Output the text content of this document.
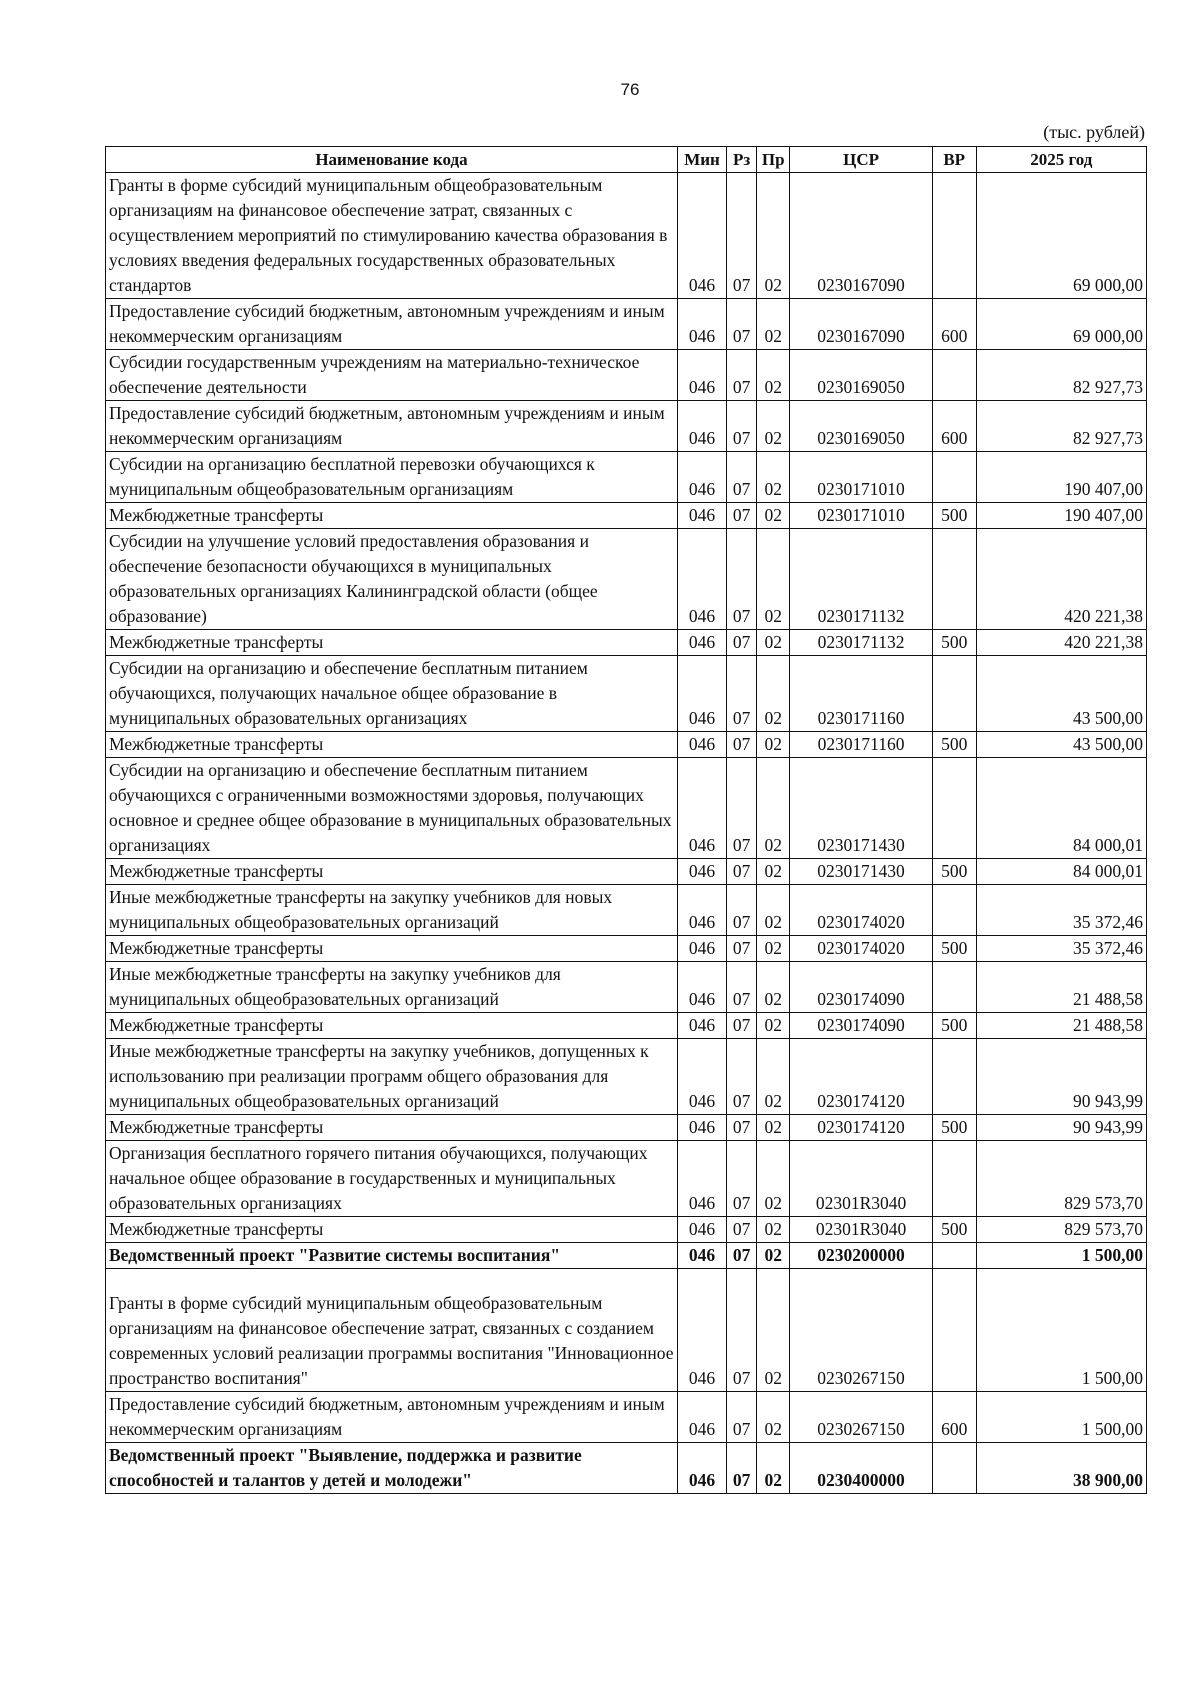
76
(тыс. рублей)
Наименование кода	Мин	Рз	Пр	ЦСР	ВР	2025 год
Гранты в форме субсидий муниципальным общеобразовательным организациям на финансовое обеспечение затрат, связанных с осуществлением мероприятий по стимулированию качества образования в условиях введения федеральных государственных образовательных стандартов	046	07	02	0230167090		69 000,00
Предоставление субсидий бюджетным, автономным учреждениям и иным некоммерческим организациям	046	07	02	0230167090	600	69 000,00
Субсидии государственным учреждениям на материально-техническое обеспечение деятельности	046	07	02	0230169050		82 927,73
Предоставление субсидий бюджетным, автономным учреждениям и иным некоммерческим организациям	046	07	02	0230169050	600	82 927,73
Субсидии на организацию бесплатной перевозки обучающихся к муниципальным общеобразовательным организациям	046	07	02	0230171010		190 407,00
Межбюджетные трансферты	046	07	02	0230171010	500	190 407,00
Субсидии на улучшение условий предоставления образования и обеспечение безопасности обучающихся в муниципальных образовательных организациях Калининградской области (общее образование)	046	07	02	0230171132		420 221,38
Межбюджетные трансферты	046	07	02	0230171132	500	420 221,38
Субсидии на организацию и обеспечение бесплатным питанием обучающихся, получающих начальное общее образование в муниципальных образовательных организациях	046	07	02	0230171160		43 500,00
Межбюджетные трансферты	046	07	02	0230171160	500	43 500,00
Субсидии на организацию и обеспечение бесплатным питанием обучающихся с ограниченными возможностями здоровья, получающих основное и среднее общее образование в муниципальных образовательных организациях	046	07	02	0230171430		84 000,01
Межбюджетные трансферты	046	07	02	0230171430	500	84 000,01
Иные межбюджетные трансферты на закупку учебников для новых муниципальных общеобразовательных организаций	046	07	02	0230174020		35 372,46
Межбюджетные трансферты	046	07	02	0230174020	500	35 372,46
Иные межбюджетные трансферты на закупку учебников для муниципальных общеобразовательных организаций	046	07	02	0230174090		21 488,58
Межбюджетные трансферты	046	07	02	0230174090	500	21 488,58
Иные межбюджетные трансферты на закупку учебников, допущенных к использованию при реализации программ общего образования для муниципальных общеобразовательных организаций	046	07	02	0230174120		90 943,99
Межбюджетные трансферты	046	07	02	0230174120	500	90 943,99
Организация бесплатного горячего питания обучающихся, получающих начальное общее образование в государственных и муниципальных образовательных организациях	046	07	02	02301R3040		829 573,70
Межбюджетные трансферты	046	07	02	02301R3040	500	829 573,70
Ведомственный проект "Развитие системы воспитания"	046	07	02	0230200000		1 500,00
Гранты в форме субсидий муниципальным общеобразовательным организациям на финансовое обеспечение затрат, связанных с созданием современных условий реализации программы воспитания "Инновационное пространство воспитания"	046	07	02	0230267150		1 500,00
Предоставление субсидий бюджетным, автономным учреждениям и иным некоммерческим организациям	046	07	02	0230267150	600	1 500,00
Ведомственный проект "Выявление, поддержка и развитие способностей и талантов у детей и молодежи"	046	07	02	0230400000		38 900,00
